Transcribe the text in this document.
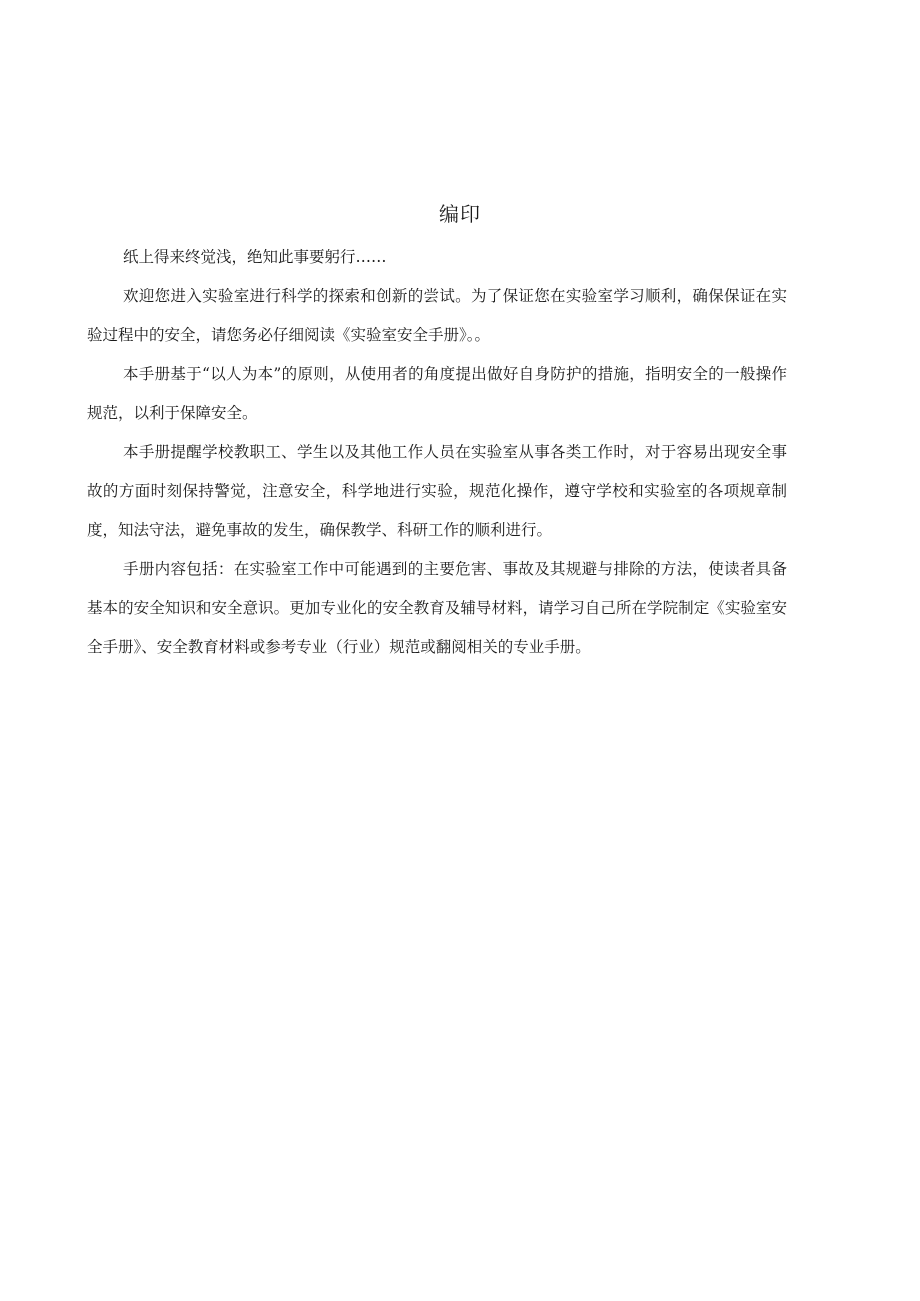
编印

纸上得来终觉浅，绝知此事要躬行……

欢迎您进入实验室进行科学的探索和创新的尝试。为了保证您在实验室学习顺利，确保保证在实验过程中的安全，请您务必仔细阅读《实验室安全手册》。。

本手册基于“以人为本”的原则，从使用者的角度提出做好自身防护的措施，指明安全的一般操作规范，以利于保障安全。

本手册提醒学校教职工、学生以及其他工作人员在实验室从事各类工作时，对于容易出现安全事故的方面时刻保持警觉，注意安全，科学地进行实验，规范化操作，遵守学校和实验室的各项规章制度，知法守法，避免事故的发生，确保教学、科研工作的顺利进行。

手册内容包括：在实验室工作中可能遇到的主要危害、事故及其规避与排除的方法，使读者具备基本的安全知识和安全意识。更加专业化的安全教育及辅导材料，请学习自己所在学院制定《实验室安全手册》、安全教育材料或参考专业（行业）规范或翻阅相关的专业手册。
